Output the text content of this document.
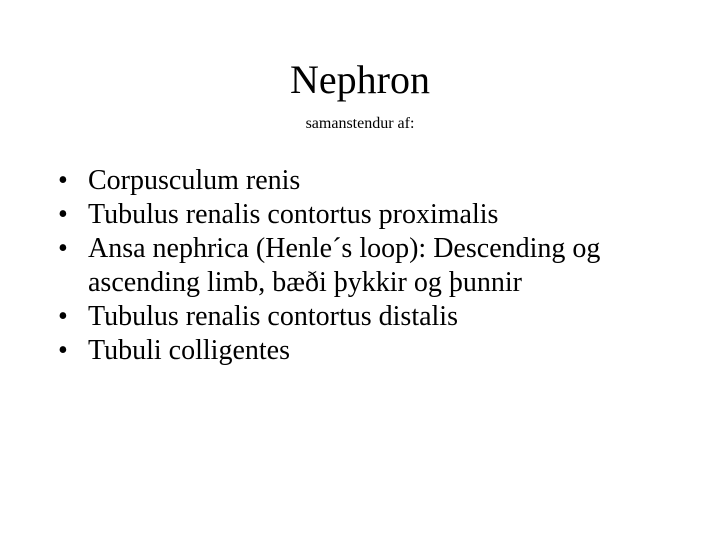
Nephron

samanstendur af:

• Corpusculum renis
• Tubulus renalis contortus proximalis
• Ansa nephrica (Henle´s loop): Descending og ascending limb, bæði þykkir og þunnir
• Tubulus renalis contortus distalis
• Tubuli colligentes
